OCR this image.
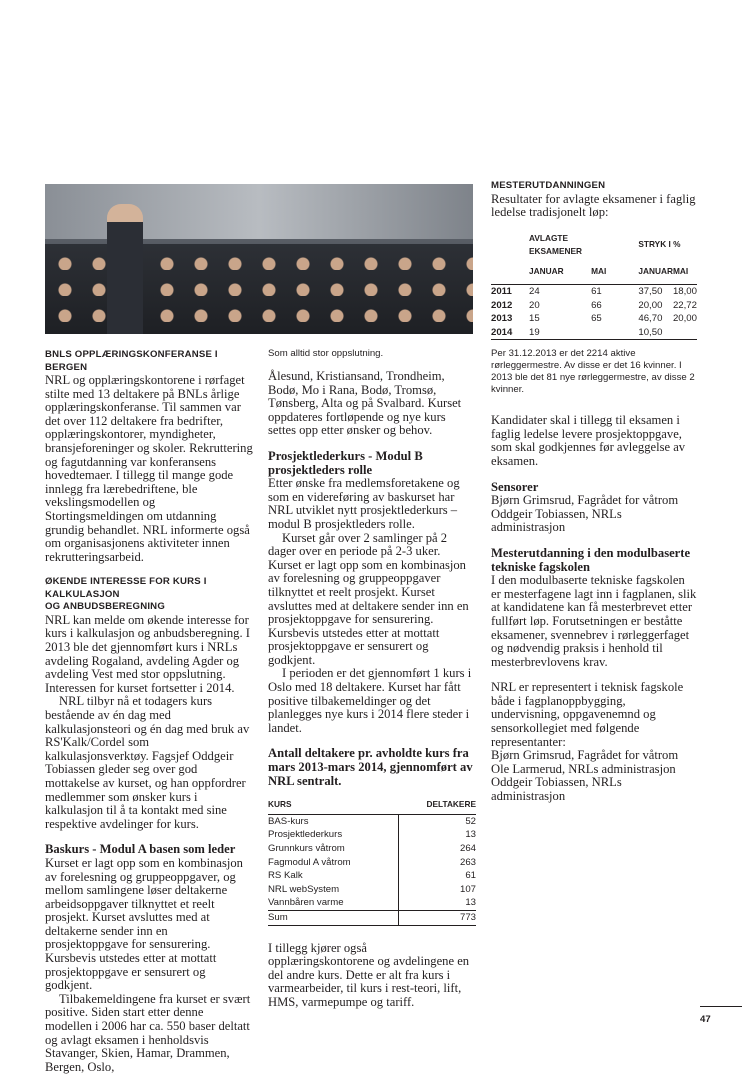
BNLS OPPLÆRINGSKONFERANSE I BERGEN

NRL og opplæringskontorene i rørfaget stilte med 13 deltakere på BNLs årlige opplæringskonferanse. Til sammen var det over 112 deltakere fra bedrifter, opplæringskontorer, myndigheter, bransjeforeninger og skoler. Rekruttering og fagutdanning var konferansens hovedtemaer. I tillegg til mange gode innlegg fra lærebedriftene, ble vekslingsmodellen og Stortingsmeldingen om utdanning grundig behandlet. NRL informerte også om organisasjonens aktiviteter innen rekrutteringsarbeid.

ØKENDE INTERESSE FOR KURS I KALKULASJON

OG ANBUDSBEREGNING

NRL kan melde om økende interesse for kurs i kalkulasjon og anbudsberegning. I 2013 ble det gjennomført kurs i NRLs avdeling Rogaland, avdeling Agder og avdeling Vest med stor oppslutning. Interessen for kurset fortsetter i 2014.

NRL tilbyr nå et todagers kurs bestående av én dag med kalkulasjonsteori og én dag med bruk av RS'Kalk/Cordel som kalkulasjonsverktøy. Fagsjef Oddgeir Tobiassen gleder seg over god mottakelse av kurset, og han oppfordrer medlemmer som ønsker kurs i kalkulasjon til å ta kontakt med sine respektive avdelinger for kurs.

Baskurs - Modul A basen som leder

Kurset er lagt opp som en kombinasjon av forelesning og gruppeoppgaver, og mellom samlingene løser deltakerne arbeidsoppgaver tilknyttet et reelt prosjekt. Kurset avsluttes med at deltakerne sender inn en prosjektoppgave for sensurering. Kursbevis utstedes etter at mottatt prosjektoppgave er sensurert og godkjent.

Tilbakemeldingene fra kurset er svært positive. Siden start etter denne modellen i 2006 har ca. 550 baser deltatt og avlagt eksamen i henholdsvis Stavanger, Skien, Hamar, Drammen, Bergen, Oslo,

Som alltid stor oppslutning.

Ålesund, Kristiansand, Trondheim, Bodø, Mo i Rana, Bodø, Tromsø, Tønsberg, Alta og på Svalbard. Kurset oppdateres fortløpende og nye kurs settes opp etter ønsker og behov.

Prosjektlederkurs - Modul B prosjektleders rolle

Etter ønske fra medlemsforetakene og som en videreføring av baskurset har NRL utviklet nytt prosjektlederkurs – modul B prosjektleders rolle.

Kurset går over 2 samlinger på 2 dager over en periode på 2-3 uker. Kurset er lagt opp som en kombinasjon av forelesning og gruppeoppgaver tilknyttet et reelt prosjekt. Kurset avsluttes med at deltakere sender inn en prosjektoppgave for sensurering. Kursbevis utstedes etter at mottatt prosjektoppgave er sensurert og godkjent.

I perioden er det gjennomført 1 kurs i Oslo med 18 deltakere. Kurset har fått positive tilbakemeldinger og det planlegges nye kurs i 2014 flere steder i landet.

Antall deltakere pr. avholdte kurs fra mars 2013-mars 2014, gjennomført av NRL sentralt.

KURS	DELTAKERE
BAS-kurs	52
Prosjektlederkurs	13
Grunnkurs våtrom	264
Fagmodul A våtrom	263
RS Kalk	61
NRL webSystem	107
Vannbåren varme	13
Sum	773

I tillegg kjører også opplæringskontorene og avdelingene en del andre kurs. Dette er alt fra kurs i varmearbeider, til kurs i rest-teori, lift, HMS, varmepumpe og tariff.

MESTERUTDANNINGEN

Resultater for avlagte eksamener i faglig ledelse tradisjonelt løp:

	AVLAGTE EKSAMENER		STRYK I %	
	JANUAR	MAI	JANUAR	MAI
2011	24	61	37,50	18,00
2012	20	66	20,00	22,72
2013	15	65	46,70	20,00
2014	19		10,50	

Per 31.12.2013 er det 2214 aktive rørleggermestre. Av disse er det 16 kvinner. I 2013 ble det 81 nye rørleggermestre, av disse 2 kvinner.

Kandidater skal i tillegg til eksamen i faglig ledelse levere prosjektoppgave, som skal godkjennes før avleggelse av eksamen.

Sensorer

Bjørn Grimsrud, Fagrådet for våtrom

Oddgeir Tobiassen, NRLs administrasjon

Mesterutdanning i den modulbaserte tekniske fagskolen

I den modulbaserte tekniske fagskolen er mesterfagene lagt inn i fagplanen, slik at kandidatene kan få mesterbrevet etter fullført løp. Forutsetningen er beståtte eksamener, svennebrev i rørleggerfaget og nødvendig praksis i henhold til mesterbrevlovens krav.

NRL er representert i teknisk fagskole både i fagplanoppbygging, undervisning, oppgavenemnd og sensorkollegiet med følgende representanter:

Bjørn Grimsrud, Fagrådet for våtrom

Ole Larmerud, NRLs administrasjon

Oddgeir Tobiassen, NRLs administrasjon

47
